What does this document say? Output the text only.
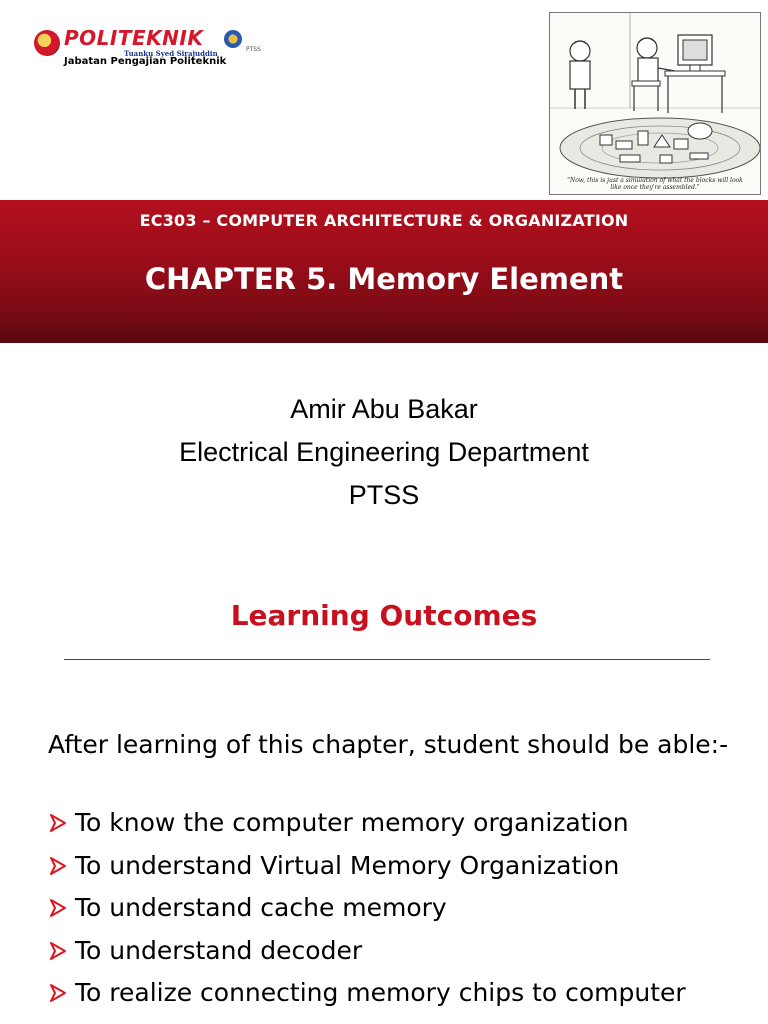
POLITEKNIK	PTSS
Tuanku Syed Sirajuddin
Jabatan Pengajian Politeknik
"Now, this is just a simulation of what the blocks will look like once they're assembled."
EC303 – COMPUTER ARCHITECTURE & ORGANIZATION
CHAPTER 5. Memory Element
Amir Abu Bakar
Electrical Engineering Department
PTSS
Learning Outcomes
After learning of this chapter, student should be able:-
To know the computer memory organization
To understand Virtual Memory Organization
To understand cache memory
To understand decoder
To realize connecting memory chips to computer
